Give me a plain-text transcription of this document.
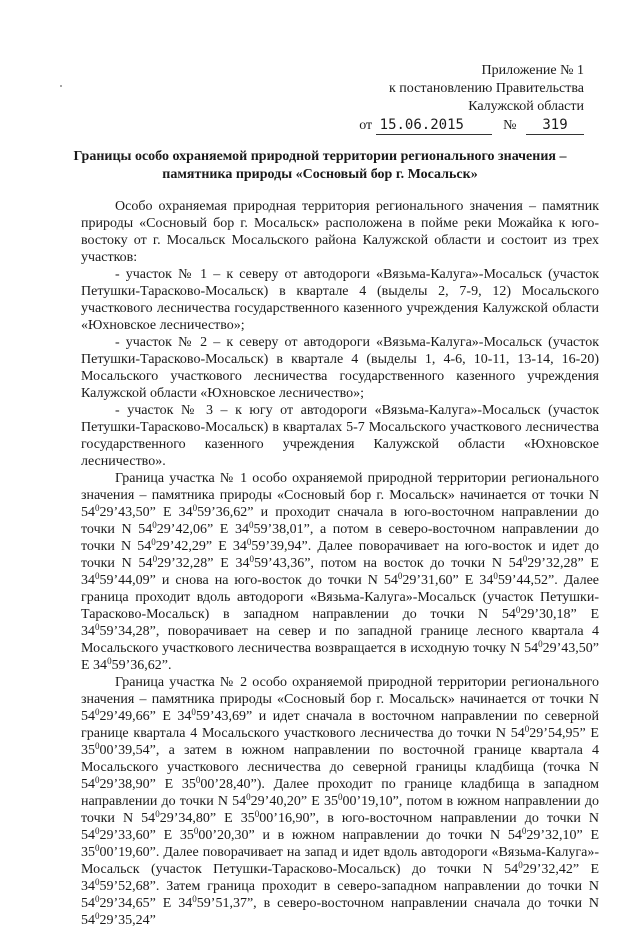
Приложение № 1
к постановлению Правительства
Калужской области
от 15.06.2015	№ 319
Границы особо охраняемой природной территории регионального значения –
памятника природы «Сосновый бор г. Мосальск»

Особо охраняемая природная территория регионального значения – памятник природы «Сосновый бор г. Мосальск» расположена в пойме реки Можайка к юго-востоку от г. Мосальск Мосальского района Калужской области и состоит из трех участков:

- участок № 1 – к северу от автодороги «Вязьма-Калуга»-Мосальск (участок Петушки-Тарасково-Мосальск) в квартале 4 (выделы 2, 7-9, 12) Мосальского участкового лесничества государственного казенного учреждения Калужской области «Юхновское лесничество»;

- участок № 2 – к северу от автодороги «Вязьма-Калуга»-Мосальск (участок Петушки-Тарасково-Мосальск) в квартале 4 (выделы 1, 4-6, 10-11, 13-14, 16-20) Мосальского участкового лесничества государственного казенного учреждения Калужской области «Юхновское лесничество»;

- участок № 3 – к югу от автодороги «Вязьма-Калуга»-Мосальск (участок Петушки-Тарасково-Мосальск) в кварталах 5-7 Мосальского участкового лесничества государственного казенного учреждения Калужской области «Юхновское лесничество».

Граница участка № 1 особо охраняемой природной территории регионального значения – памятника природы «Сосновый бор г. Мосальск» начинается от точки N $54^029’43,50$” E $34^059’36,62$” и проходит сначала в юго-восточном направлении до точки N $54^029’42,06$” E $34^059’38,01$”, а потом в северо-восточном направлении до точки N $54^029’42,29$” E $34^059’39,94$”. Далее поворачивает на юго-восток и идет до точки N $54^029’32,28$” E $34^059’43,36$”, потом на восток до точки N $54^029’32,28$” E $34^059’44,09$” и снова на юго-восток до точки N $54^029’31,60$” E $34^059’44,52$”. Далее граница проходит вдоль автодороги «Вязьма-Калуга»-Мосальск (участок Петушки-Тарасково-Мосальск) в западном направлении до точки N $54^029’30,18$” E $34^059’34,28$”, поворачивает на север и по западной границе лесного квартала 4 Мосальского участкового лесничества возвращается в исходную точку N $54^029’43,50$” E $34^059’36,62$”.

Граница участка № 2 особо охраняемой природной территории регионального значения – памятника природы «Сосновый бор г. Мосальск» начинается от точки N $54^029’49,66$” E $34^059’43,69$” и идет сначала в восточном направлении по северной границе квартала 4 Мосальского участкового лесничества до точки N $54^029’54,95$” E $35^000’39,54$”, а затем в южном направлении по восточной границе квартала 4 Мосальского участкового лесничества до северной границы кладбища (точка N $54^029’38,90$” E $35^000’28,40$”). Далее проходит по границе кладбища в западном направлении до точки N $54^029’40,20$” E $35^000’19,10$”, потом в южном направлении до точки N $54^029’34,80$” E $35^000’16,90$”, в юго-восточном направлении до точки N $54^029’33,60$” E $35^000’20,30$” и в южном направлении до точки N $54^029’32,10$” E $35^000’19,60$”. Далее поворачивает на запад и идет вдоль автодороги «Вязьма-Калуга»-Мосальск (участок Петушки-Тарасково-Мосальск) до точки N $54^029’32,42$” E $34^059’52,68$”. Затем граница проходит в северо-западном направлении до точки N $54^029’34,65$” E $34^059’51,37$”, в северо-восточном направлении сначала до точки N $54^029’35,24$”
